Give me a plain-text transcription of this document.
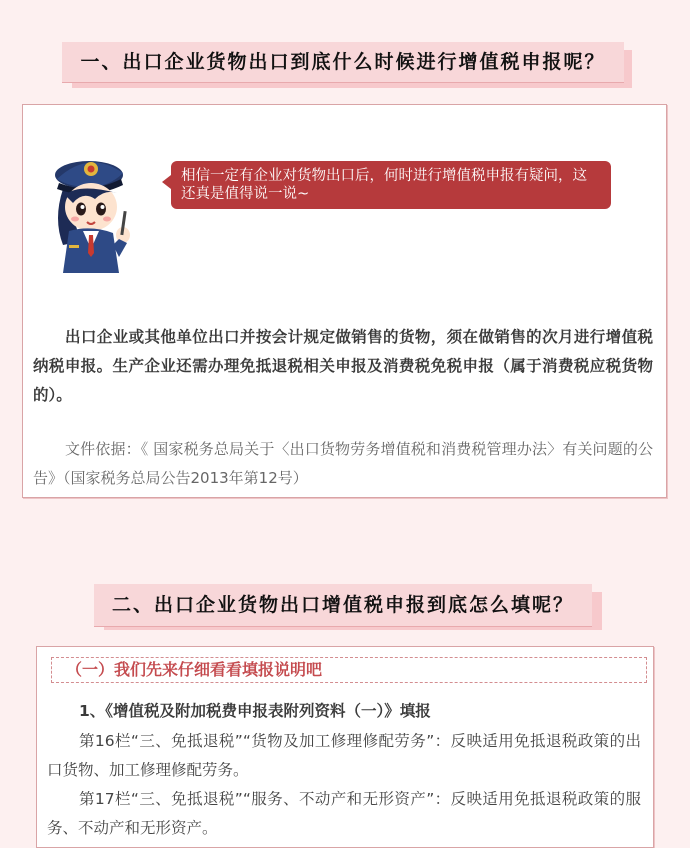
一、出口企业货物出口到底什么时候进行增值税申报呢？
相信一定有企业对货物出口后，何时进行增值税申报有疑问，这还真是值得说一说~
出口企业或其他单位出口并按会计规定做销售的货物，须在做销售的次月进行增值税纳税申报。生产企业还需办理免抵退税相关申报及消费税免税申报（属于消费税应税货物的）。
文件依据：《 国家税务总局关于〈出口货物劳务增值税和消费税管理办法〉有关问题的公告》（国家税务总局公告2013年第12号）
二、出口企业货物出口增值税申报到底怎么填呢？
（一）我们先来仔细看看填报说明吧
1、《增值税及附加税费申报表附列资料（一）》填报
第16栏“三、免抵退税”“货物及加工修理修配劳务”：反映适用免抵退税政策的出口货物、加工修理修配劳务。
第17栏“三、免抵退税”“服务、不动产和无形资产”：反映适用免抵退税政策的服务、不动产和无形资产。
